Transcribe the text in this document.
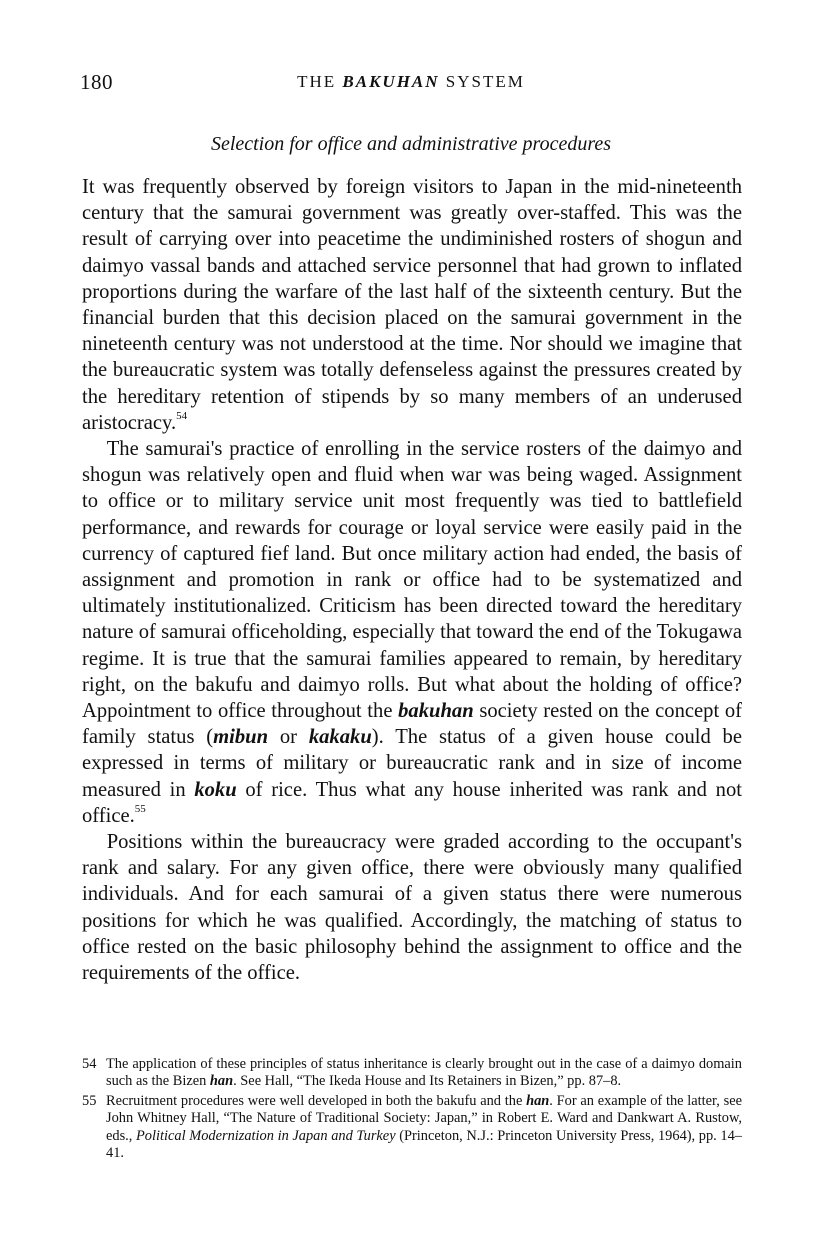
180	THE BAKUHAN SYSTEM
Selection for office and administrative procedures

It was frequently observed by foreign visitors to Japan in the mid-nineteenth century that the samurai government was greatly over-staffed. This was the result of carrying over into peacetime the undiminished rosters of shogun and daimyo vassal bands and attached service personnel that had grown to inflated proportions during the warfare of the last half of the sixteenth century. But the financial burden that this decision placed on the samurai government in the nineteenth century was not understood at the time. Nor should we imagine that the bureaucratic system was totally defenseless against the pressures created by the hereditary retention of stipends by so many members of an underused aristocracy.$^{54}$

The samurai's practice of enrolling in the service rosters of the daimyo and shogun was relatively open and fluid when war was being waged. Assignment to office or to military service unit most frequently was tied to battlefield performance, and rewards for courage or loyal service were easily paid in the currency of captured fief land. But once military action had ended, the basis of assignment and promotion in rank or office had to be systematized and ultimately institutionalized. Criticism has been directed toward the hereditary nature of samurai officeholding, especially that toward the end of the Tokugawa regime. It is true that the samurai families appeared to remain, by hereditary right, on the bakufu and daimyo rolls. But what about the holding of office? Appointment to office throughout the bakuhan society rested on the concept of family status (mibun or kakaku). The status of a given house could be expressed in terms of military or bureaucratic rank and in size of income measured in koku of rice. Thus what any house inherited was rank and not office.$^{55}$

Positions within the bureaucracy were graded according to the occupant's rank and salary. For any given office, there were obviously many qualified individuals. And for each samurai of a given status there were numerous positions for which he was qualified. Accordingly, the matching of status to office rested on the basic philosophy behind the assignment to office and the requirements of the office.

54 The application of these principles of status inheritance is clearly brought out in the case of a daimyo domain such as the Bizen han. See Hall, “The Ikeda House and Its Retainers in Bizen,” pp. 87–8.
55 Recruitment procedures were well developed in both the bakufu and the han. For an example of the latter, see John Whitney Hall, “The Nature of Traditional Society: Japan,” in Robert E. Ward and Dankwart A. Rustow, eds., Political Modernization in Japan and Turkey (Princeton, N.J.: Princeton University Press, 1964), pp. 14–41.
